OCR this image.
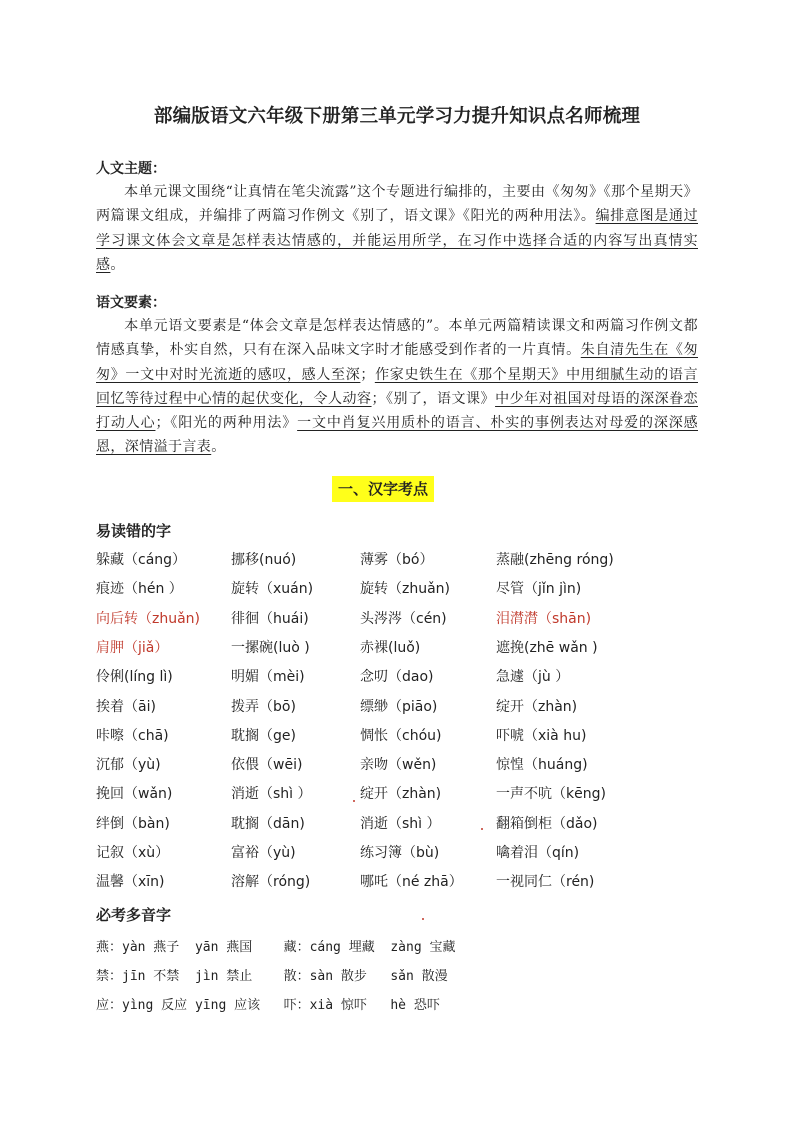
部编版语文六年级下册第三单元学习力提升知识点名师梳理
人文主题：
本单元课文围绕“让真情在笔尖流露”这个专题进行编排的，主要由《匆匆》《那个星期天》两篇课文组成，并编排了两篇习作例文《别了，语文课》《阳光的两种用法》。编排意图是通过学习课文体会文章是怎样表达情感的，并能运用所学，在习作中选择合适的内容写出真情实感。
语文要素：
本单元语文要素是“体会文章是怎样表达情感的”。本单元两篇精读课文和两篇习作例文都情感真挚，朴实自然，只有在深入品味文字时才能感受到作者的一片真情。朱自清先生在《匆匆》一文中对时光流逝的感叹，感人至深；作家史铁生在《那个星期天》中用细腻生动的语言回忆等待过程中心情的起伏变化，令人动容；《别了，语文课》中少年对祖国对母语的深深眷恋打动人心；《阳光的两种用法》一文中肖复兴用质朴的语言、朴实的事例表达对母爱的深深感恩，深情溢于言表。
一、汉字考点
易读错的字
躲藏（cáng）	挪移(nuó)	薄雾（bó）	蒸融(zhēng róng)
痕迹（hén ）	旋转（xuán)	旋转（zhuǎn)	尽管（jǐn jìn)
向后转（zhuǎn) 徘徊（huái)	头涔涔（cén)	泪潸潸（shān)
肩胛（jiǎ）	一摞碗(luò )	赤裸(luǒ)	遮挽(zhē wǎn )
伶俐(líng lì)	明媚（mèi)	念叨（dao)	急遽（jù ）
挨着（āi)	拨弄（bō)	缥缈（piāo)	绽开（zhàn)
咔嚓（chā)	耽搁（ge)	惆怅（chóu)	吓唬（xià hu)
沉郁（yù)	依偎（wēi)	亲吻（wěn)	惊惶（huáng)
挽回（wǎn)	消逝（shì ）	绽开（zhàn)	一声不吭（kēng)
绊倒（bàn)	耽搁（dān)	消逝（shì ）	翻箱倒柜（dǎo)
记叙（xù）	富裕（yù)	练习簿（bù)	噙着泪（qín)
温馨（xīn)	溶解（róng)	哪吒（né zhā） 一视同仁（rén)
必考多音字
燕：yàn 燕子  yān 燕国    藏：cáng 埋藏  zàng 宝藏
禁：jīn 不禁  jìn 禁止    散：sàn 散步   sǎn 散漫
应：yìng 反应 yīng 应该   吓：xià 惊吓   hè 恐吓
